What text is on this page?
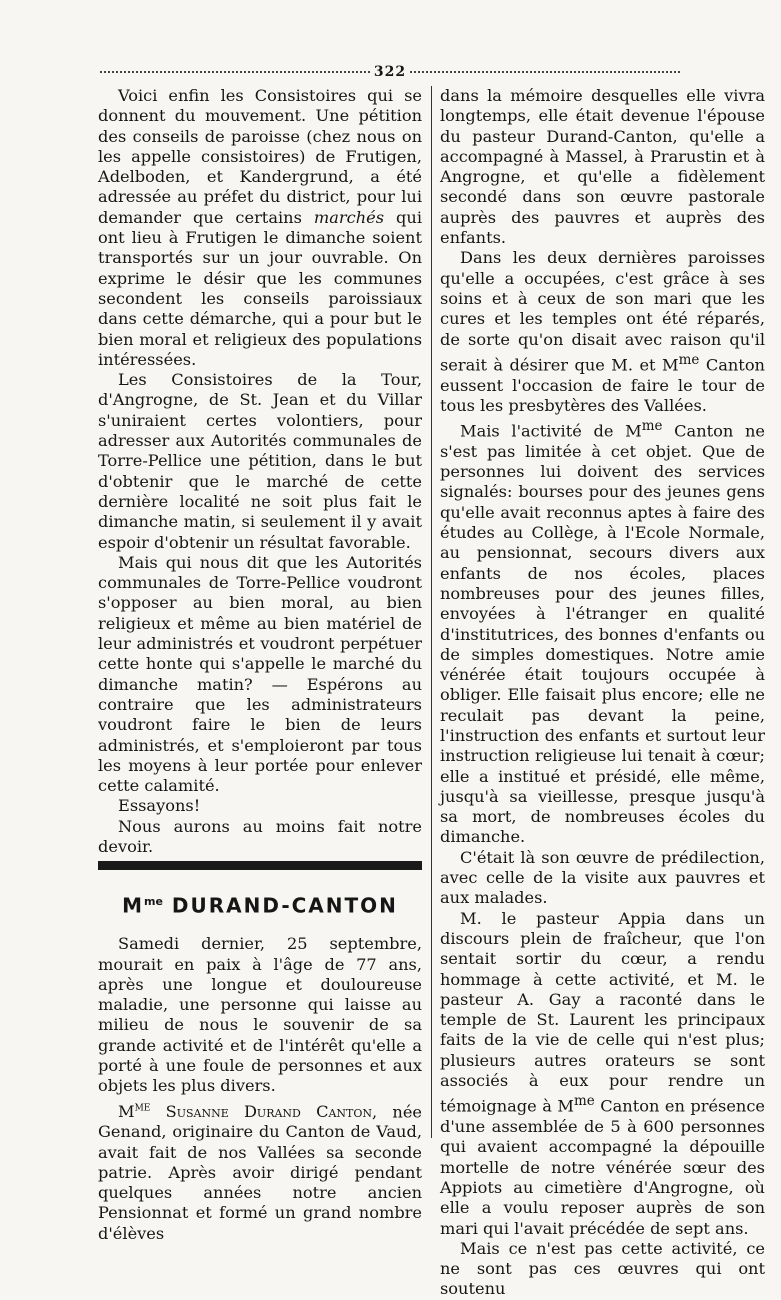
322

Voici enfin les Consistoires qui se donnent du mouvement. Une pétition des conseils de paroisse (chez nous on les appelle consistoires) de Frutigen, Adelboden, et Kandergrund, a été adressée au préfet du district, pour lui demander que certains marchés qui ont lieu à Frutigen le dimanche soient transportés sur un jour ouvrable. On exprime le désir que les communes secondent les conseils paroissiaux dans cette démarche, qui a pour but le bien moral et religieux des populations intéressées.

Les Consistoires de la Tour, d'Angrogne, de St. Jean et du Villar s'uniraient certes volontiers, pour adresser aux Autorités communales de Torre-Pellice une pétition, dans le but d'obtenir que le marché de cette dernière localité ne soit plus fait le dimanche matin, si seulement il y avait espoir d'obtenir un résultat favorable.

Mais qui nous dit que les Autorités communales de Torre-Pellice voudront s'opposer au bien moral, au bien religieux et même au bien matériel de leur administrés et voudront perpétuer cette honte qui s'appelle le marché du dimanche matin? — Espérons au contraire que les administrateurs voudront faire le bien de leurs administrés, et s'emploieront par tous les moyens à leur portée pour enlever cette calamité.

Essayons!

Nous aurons au moins fait notre devoir.

$M^{me}$ DURAND-CANTON

Samedi dernier, 25 septembre, mourait en paix à l'âge de 77 ans, après une longue et douloureuse maladie, une personne qui laisse au milieu de nous le souvenir de sa grande activité et de l'intérêt qu'elle a porté à une foule de personnes et aux objets les plus divers.

$M^{me}$ Susanne Durand Canton, née Genand, originaire du Canton de Vaud, avait fait de nos Vallées sa seconde patrie. Après avoir dirigé pendant quelques années notre ancien Pensionnat et formé un grand nombre d'élèves

dans la mémoire desquelles elle vivra longtemps, elle était devenue l'épouse du pasteur Durand-Canton, qu'elle a accompagné à Massel, à Prarustin et à Angrogne, et qu'elle a fidèlement secondé dans son œuvre pastorale auprès des pauvres et auprès des enfants.

Dans les deux dernières paroisses qu'elle a occupées, c'est grâce à ses soins et à ceux de son mari que les cures et les temples ont été réparés, de sorte qu'on disait avec raison qu'il serait à désirer que M. et $M^{me}$ Canton eussent l'occasion de faire le tour de tous les presbytères des Vallées.

Mais l'activité de $M^{me}$ Canton ne s'est pas limitée à cet objet. Que de personnes lui doivent des services signalés: bourses pour des jeunes gens qu'elle avait reconnus aptes à faire des études au Collège, à l'Ecole Normale, au pensionnat, secours divers aux enfants de nos écoles, places nombreuses pour des jeunes filles, envoyées à l'étranger en qualité d'institutrices, des bonnes d'enfants ou de simples domestiques. Notre amie vénérée était toujours occupée à obliger. Elle faisait plus encore; elle ne reculait pas devant la peine, l'instruction des enfants et surtout leur instruction religieuse lui tenait à cœur; elle a institué et présidé, elle même, jusqu'à sa vieillesse, presque jusqu'à sa mort, de nombreuses écoles du dimanche.

C'était là son œuvre de prédilection, avec celle de la visite aux pauvres et aux malades.

M. le pasteur Appia dans un discours plein de fraîcheur, que l'on sentait sortir du cœur, a rendu hommage à cette activité, et M. le pasteur A. Gay a raconté dans le temple de St. Laurent les principaux faits de la vie de celle qui n'est plus; plusieurs autres orateurs se sont associés à eux pour rendre un témoignage à $M^{me}$ Canton en présence d'une assemblée de 5 à 600 personnes qui avaient accompagné la dépouille mortelle de notre vénérée sœur des Appiots au cimetière d'Angrogne, où elle a voulu reposer auprès de son mari qui l'avait précédée de sept ans.

Mais ce n'est pas cette activité, ce ne sont pas ces œuvres qui ont soutenu
